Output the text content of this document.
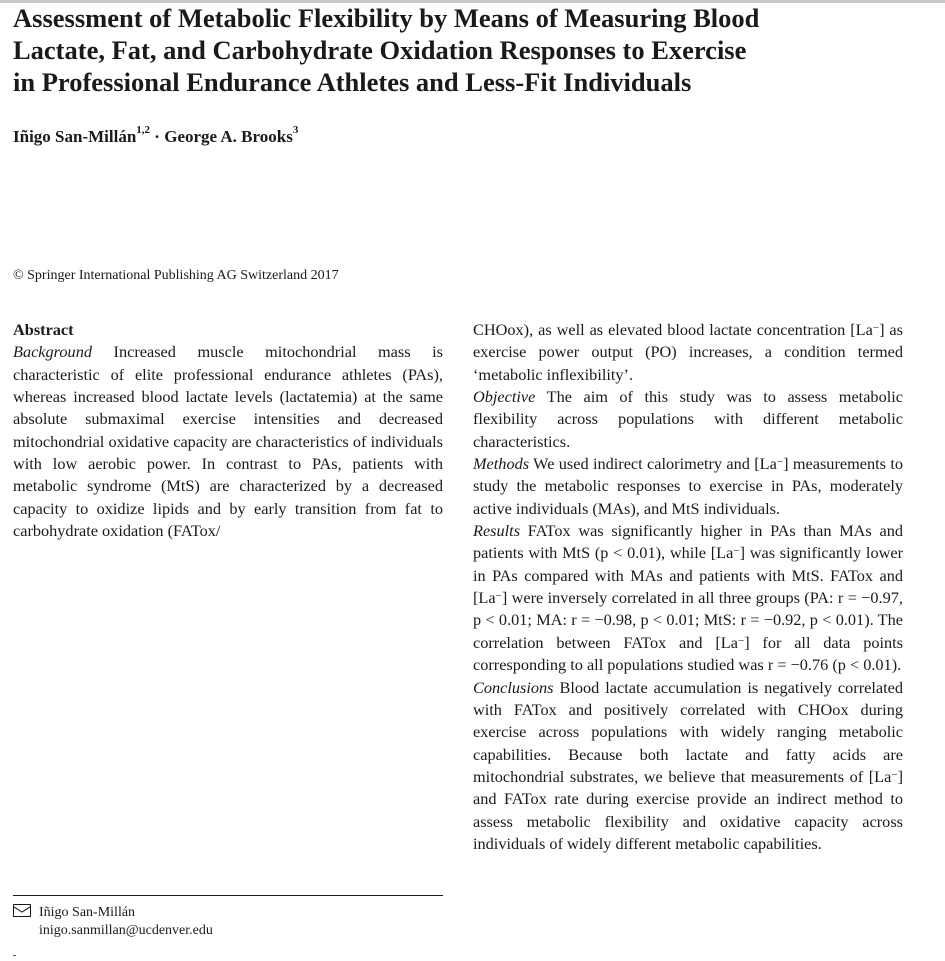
Assessment of Metabolic Flexibility by Means of Measuring Blood
Lactate, Fat, and Carbohydrate Oxidation Responses to Exercise
in Professional Endurance Athletes and Less-Fit Individuals
Iñigo San-Millán$^{1,2}$ · George A. Brooks$^3$
© Springer International Publishing AG Switzerland 2017

Abstract

Background Increased muscle mitochondrial mass is characteristic of elite professional endurance athletes (PAs), whereas increased blood lactate levels (lactatemia) at the same absolute submaximal exercise intensities and decreased mitochondrial oxidative capacity are characteristics of individuals with low aerobic power. In contrast to PAs, patients with metabolic syndrome (MtS) are characterized by a decreased capacity to oxidize lipids and by early transition from fat to carbohydrate oxidation (FATox/

CHOox), as well as elevated blood lactate concentration [La−] as exercise power output (PO) increases, a condition termed ‘metabolic inflexibility’.

Objective The aim of this study was to assess metabolic flexibility across populations with different metabolic characteristics.

Methods We used indirect calorimetry and [La−] measurements to study the metabolic responses to exercise in PAs, moderately active individuals (MAs), and MtS individuals.

Results FATox was significantly higher in PAs than MAs and patients with MtS (p < 0.01), while [La−] was significantly lower in PAs compared with MAs and patients with MtS. FATox and [La−] were inversely correlated in all three groups (PA: r = −0.97, p < 0.01; MA: r = −0.98, p < 0.01; MtS: r = −0.92, p < 0.01). The correlation between FATox and [La−] for all data points corresponding to all populations studied was r = −0.76 (p < 0.01).

Conclusions Blood lactate accumulation is negatively correlated with FATox and positively correlated with CHOox during exercise across populations with widely ranging metabolic capabilities. Because both lactate and fatty acids are mitochondrial substrates, we believe that measurements of [La−] and FATox rate during exercise provide an indirect method to assess metabolic flexibility and oxidative capacity across individuals of widely different metabolic capabilities.

Iñigo San-Millán
inigo.sanmillan@ucdenver.edu
